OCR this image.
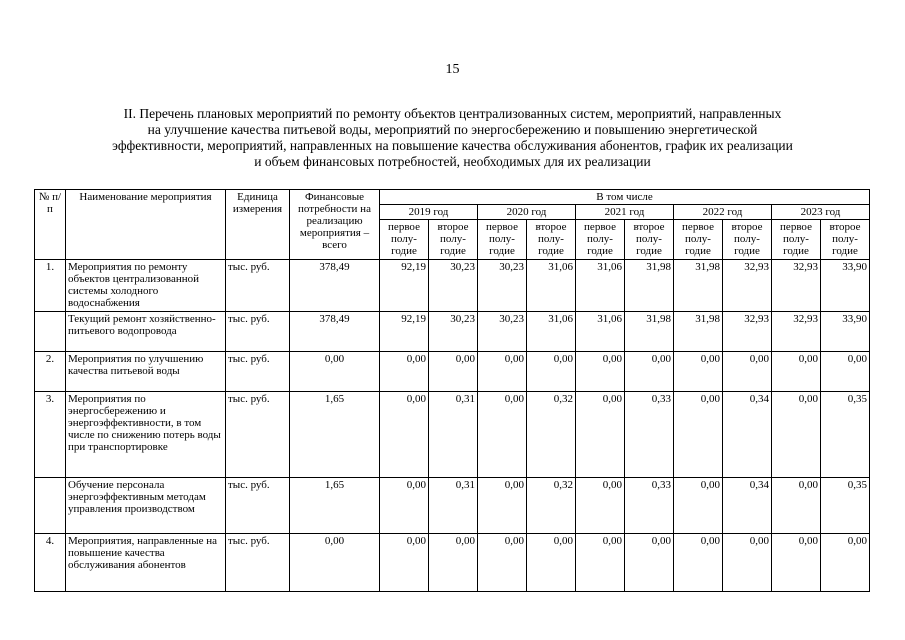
15
II. Перечень плановых мероприятий по ремонту объектов централизованных систем, мероприятий, направленных
на улучшение качества питьевой воды, мероприятий по энергосбережению и повышению энергетической
эффективности, мероприятий, направленных на повышение качества обслуживания абонентов, график их реализации
и объем финансовых потребностей, необходимых для их реализации
№ п/п	Наименование мероприятия	Единица измерения	Финансовые потребности на реализацию мероприятия – всего	В том числе									
				2019 год		2020 год		2021 год		2022 год		2023 год	
				первое полу-годие	второе полу-годие	первое полу-годие	второе полу-годие	первое полу-годие	второе полу-годие	первое полу-годие	второе полу-годие	первое полу-годие	второе полу-годие
1.	Мероприятия по ремонту объектов централизованной системы холодного водоснабжения	тыс. руб.	378,49	92,19	30,23	30,23	31,06	31,06	31,98	31,98	32,93	32,93	33,90
	Текущий ремонт хозяйственно-питьевого водопровода	тыс. руб.	378,49	92,19	30,23	30,23	31,06	31,06	31,98	31,98	32,93	32,93	33,90
2.	Мероприятия по улучшению качества питьевой воды	тыс. руб.	0,00	0,00	0,00	0,00	0,00	0,00	0,00	0,00	0,00	0,00	0,00
3.	Мероприятия по энергосбережению и энергоэффективности, в том числе по снижению потерь воды при транспортировке	тыс. руб.	1,65	0,00	0,31	0,00	0,32	0,00	0,33	0,00	0,34	0,00	0,35
	Обучение персонала энергоэффективным методам управления производством	тыс. руб.	1,65	0,00	0,31	0,00	0,32	0,00	0,33	0,00	0,34	0,00	0,35
4.	Мероприятия, направленные на повышение качества обслуживания абонентов	тыс. руб.	0,00	0,00	0,00	0,00	0,00	0,00	0,00	0,00	0,00	0,00	0,00
